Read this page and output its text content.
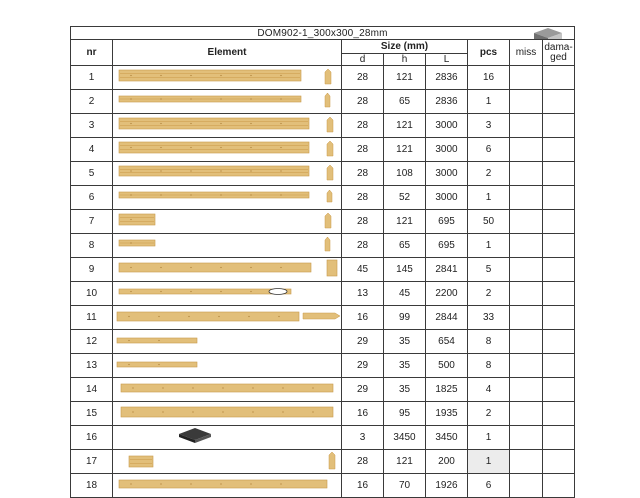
DOM902-1_300x300_28mm							

nr	Element	Size (mm)			pcs	miss	dama-
ged
		d	h	L			
1		28	121	2836	16		
2		28	65	2836	1		
3		28	121	3000	3		
4		28	121	3000	6		
5		28	108	3000	2		
6		28	52	3000	1		
7		28	121	695	50		
8		28	65	695	1		
9		45	145	2841	5		
10		13	45	2200	2		
11		16	99	2844	33		
12		29	35	654	8		
13		29	35	500	8		
14		29	35	1825	4		
15		16	95	1935	2		
16		3	3450	3450	1		
17		28	121	200	1		
18		16	70	1926	6		
